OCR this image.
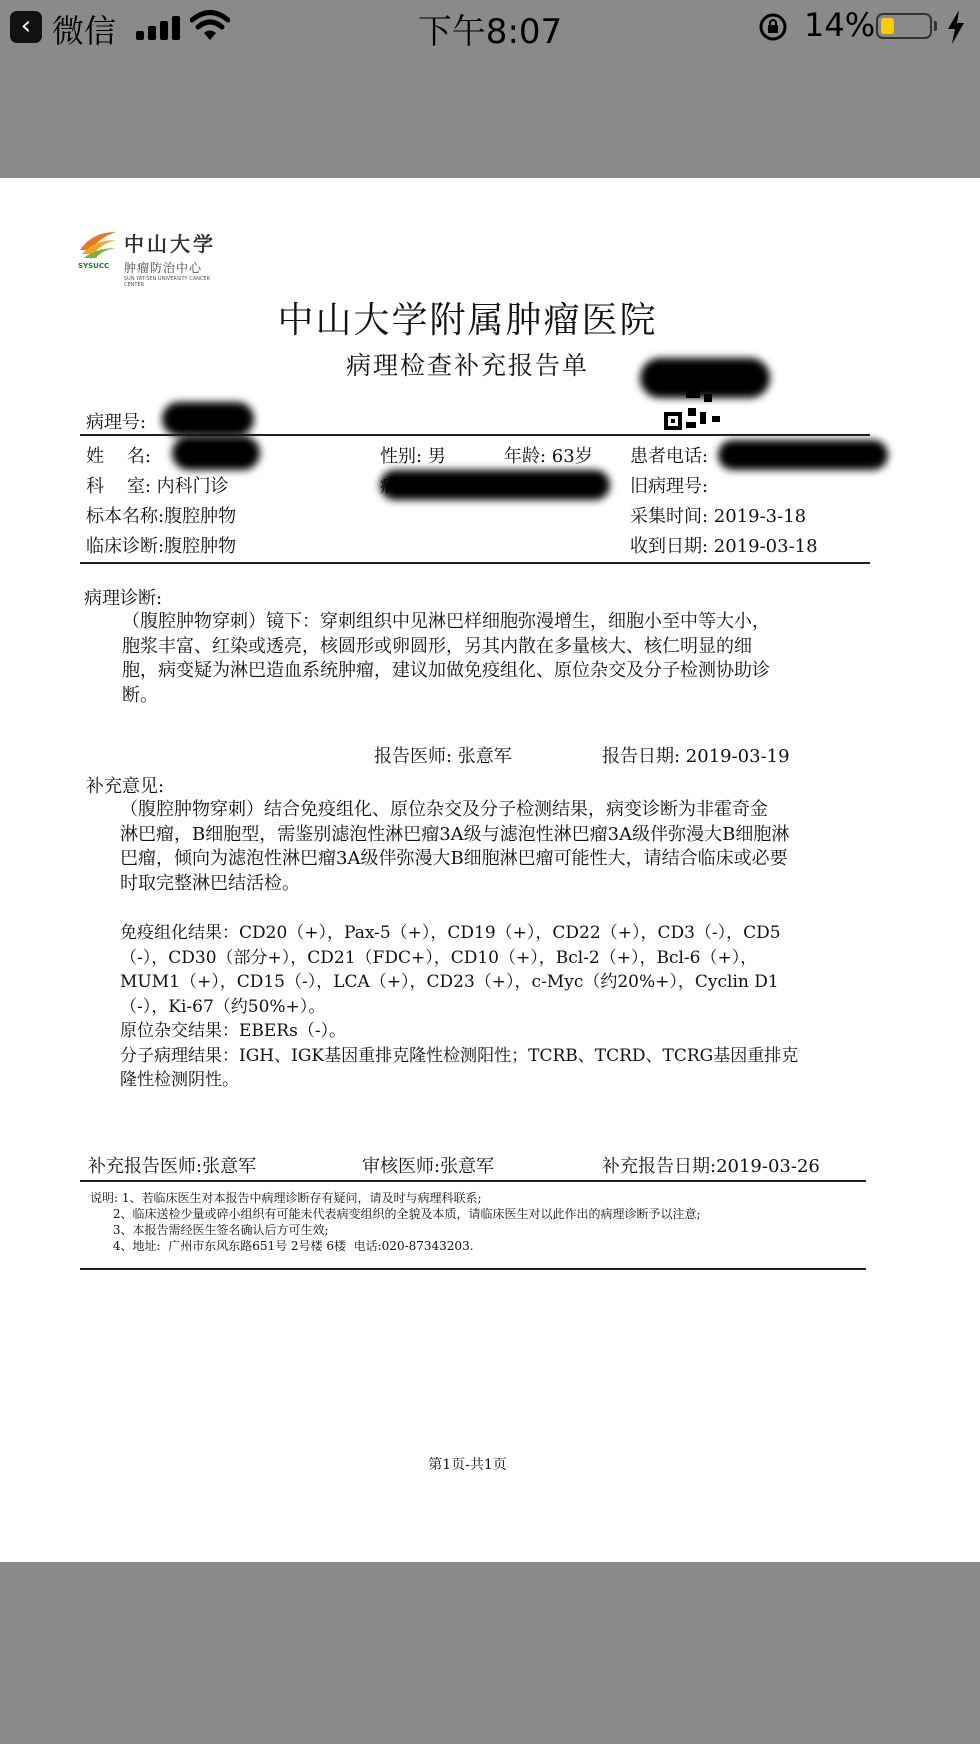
‹ 微信	下午8:07	14%
SYSUCC
中山大学
肿瘤防治中心
SUN YAT-SEN UNIVERSITY CANCER CENTER
中山大学附属肿瘤医院
病理检查补充报告单
病理号:
姓    名:	性别: 男	年龄: 63岁 患者电话:
科    室: 内科门诊	旧病理号:
标本名称:腹腔肿物	采集时间: 2019-3-18
临床诊断:腹腔肿物	收到日期: 2019-03-18
病理诊断:
（腹腔肿物穿刺）镜下：穿刺组织中见淋巴样细胞弥漫增生，细胞小至中等大小，
胞浆丰富、红染或透亮，核圆形或卵圆形，另其内散在多量核大、核仁明显的细
胞，病变疑为淋巴造血系统肿瘤，建议加做免疫组化、原位杂交及分子检测协助诊
断。
报告医师: 张意军	报告日期: 2019-03-19
补充意见:
（腹腔肿物穿刺）结合免疫组化、原位杂交及分子检测结果，病变诊断为非霍奇金
淋巴瘤，B细胞型，需鉴别滤泡性淋巴瘤3A级与滤泡性淋巴瘤3A级伴弥漫大B细胞淋
巴瘤，倾向为滤泡性淋巴瘤3A级伴弥漫大B细胞淋巴瘤可能性大，请结合临床或必要
时取完整淋巴结活检。
免疫组化结果：CD20（+），Pax-5（+），CD19（+），CD22（+），CD3（-），CD5
（-），CD30（部分+），CD21（FDC+），CD10（+），Bcl-2（+），Bcl-6（+），
MUM1（+），CD15（-），LCA（+），CD23（+），c-Myc（约20%+），Cyclin D1
（-），Ki-67（约50%+）。
原位杂交结果：EBERs（-）。
分子病理结果：IGH、IGK基因重排克隆性检测阳性；TCRB、TCRD、TCRG基因重排克
隆性检测阴性。
补充报告医师:张意军	审核医师:张意军	补充报告日期:2019-03-26
说明: 1、若临床医生对本报告中病理诊断存有疑问，请及时与病理科联系;
2、临床送检少量或碎小组织有可能未代表病变组织的全貌及本质，请临床医生对以此作出的病理诊断予以注意;
3、本报告需经医生签名确认后方可生效;
4、地址:  广州市东风东路651号 2号楼 6楼  电话:020-87343203.
第1页-共1页
